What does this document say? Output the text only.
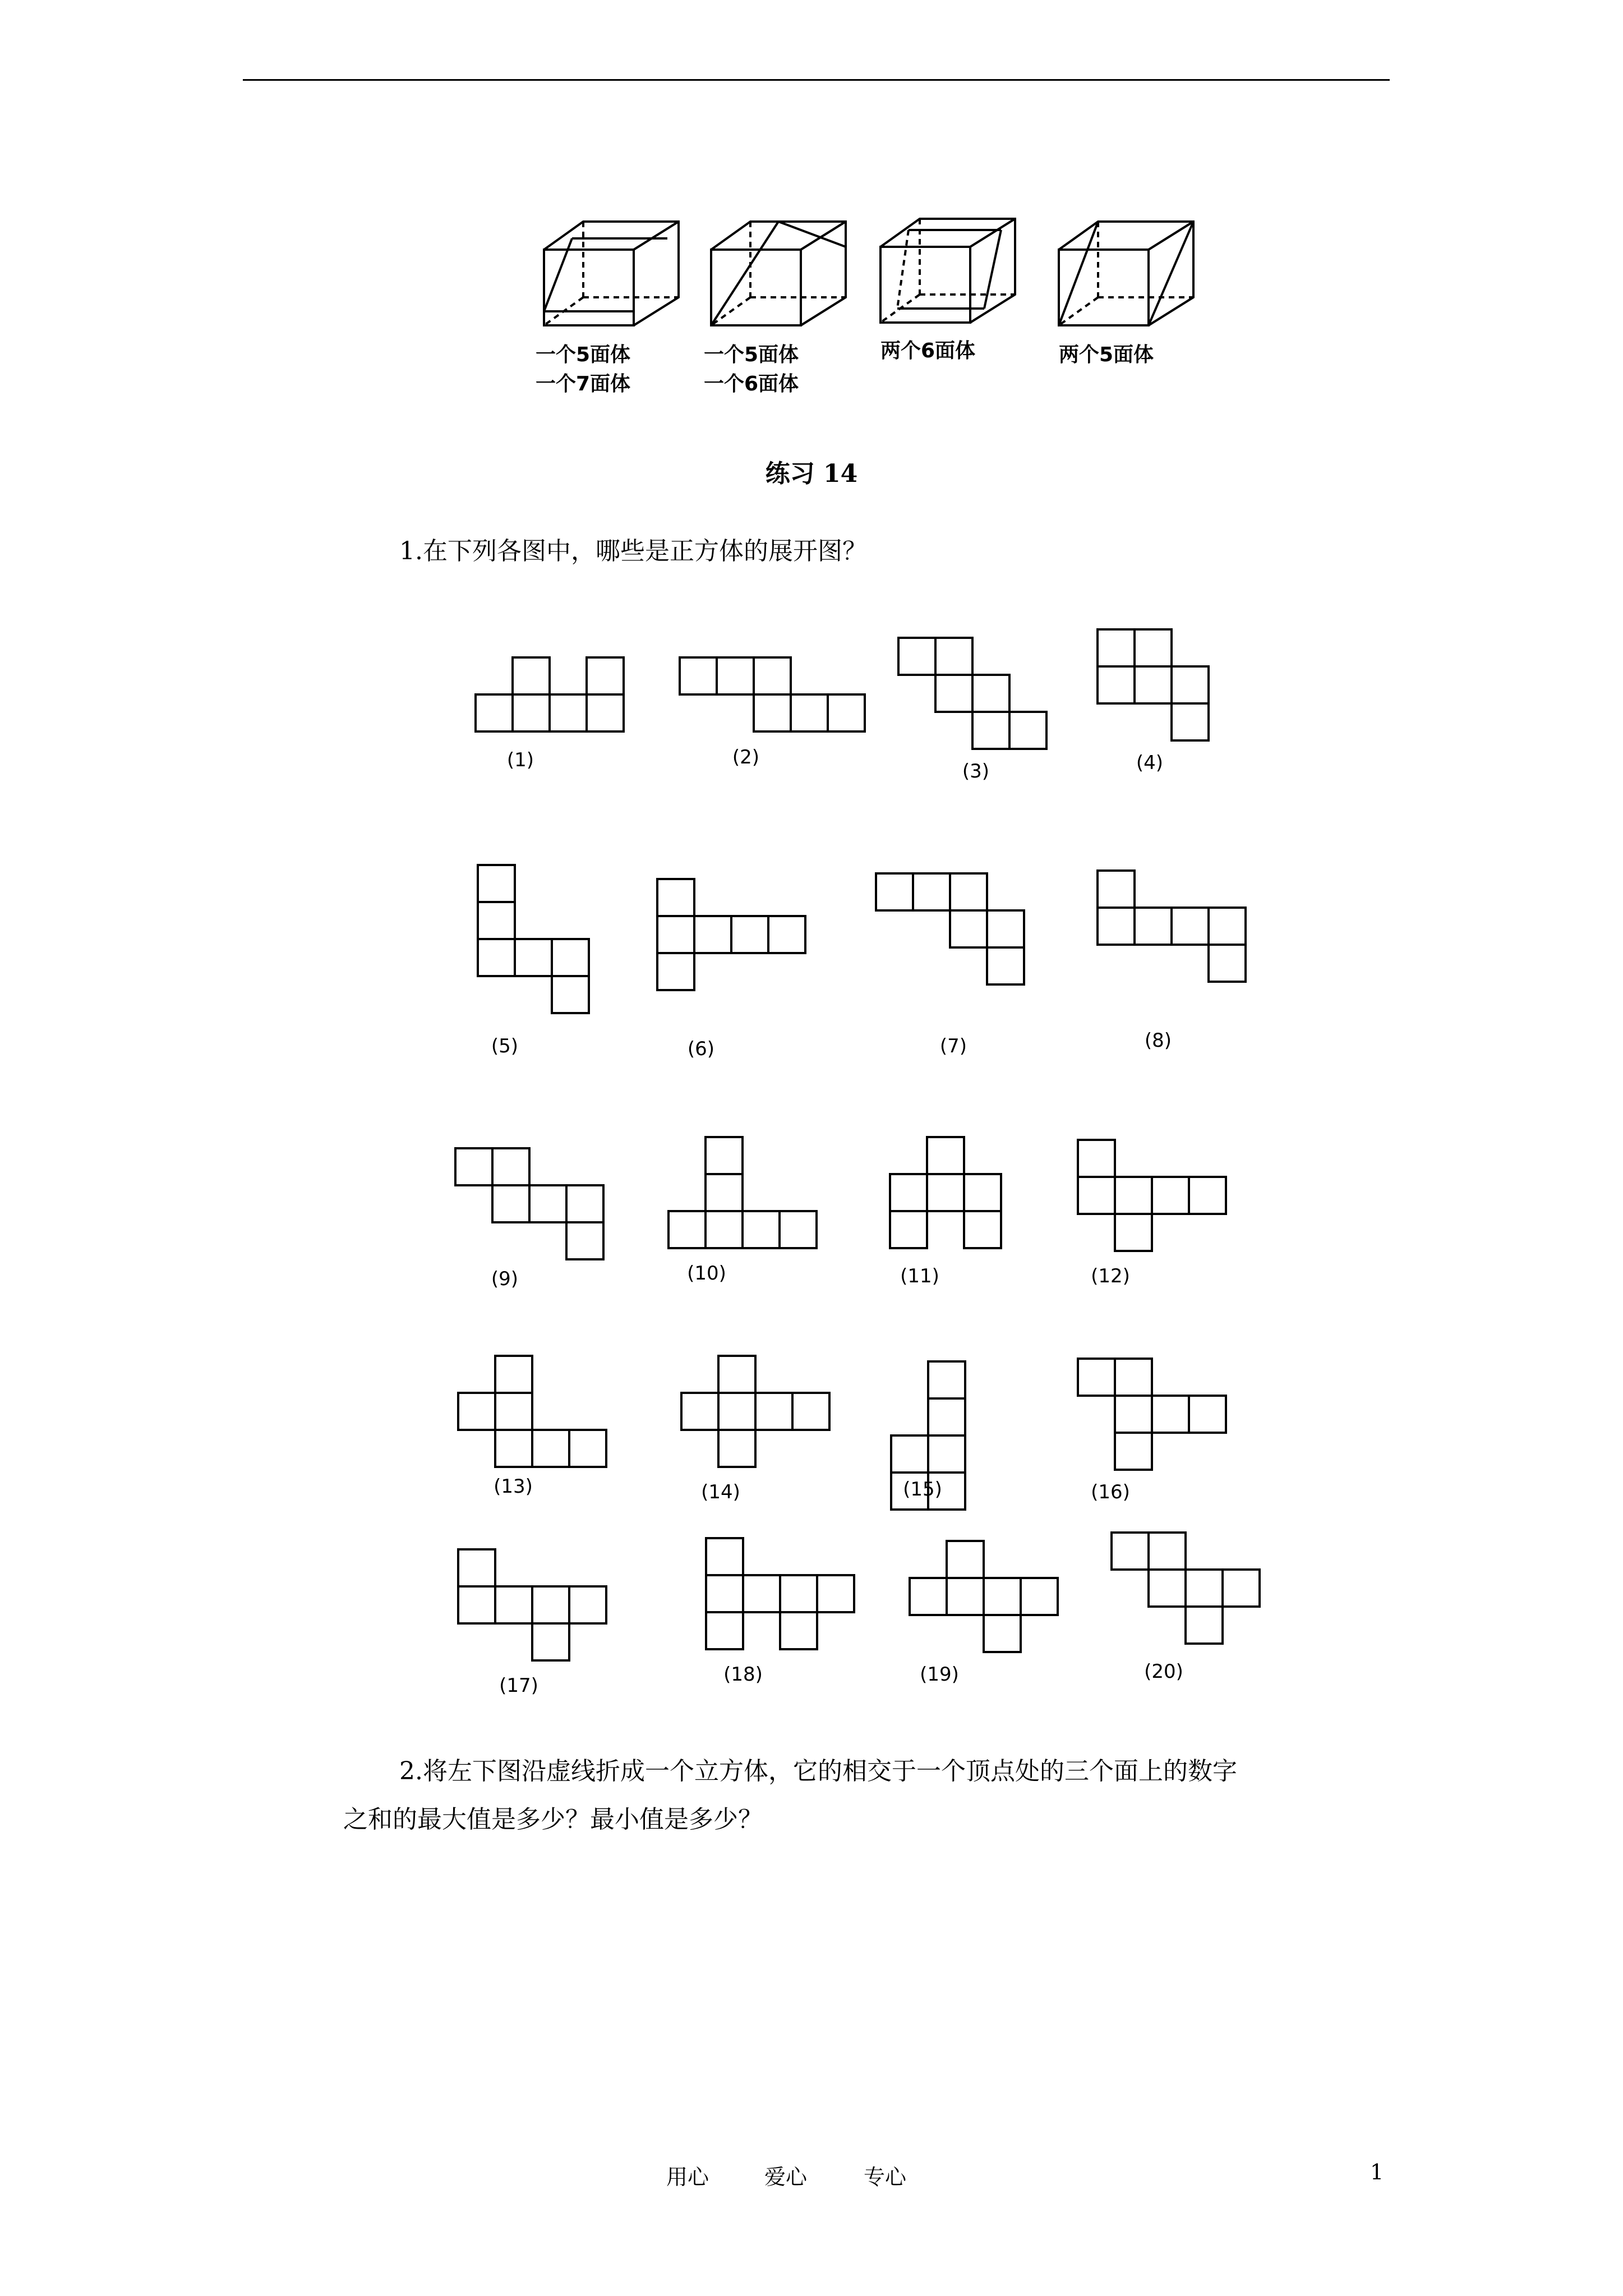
一个5面体
一个7面体
一个5面体
一个6面体
两个6面体	两个5面体
练习 14
1.在下列各图中，哪些是正方体的展开图？
(1)	(2)
(3)	(4)
(5)	(6)	(7)	(8)
(9)	(10)	(11)	(12)
(13)	(14)	(15)	(16)
(17)	(18)	(19)	(20)
2.将左下图沿虚线折成一个立方体，它的相交于一个顶点处的三个面上的数字
之和的最大值是多少？最小值是多少？
用心	爱心	专心	1
